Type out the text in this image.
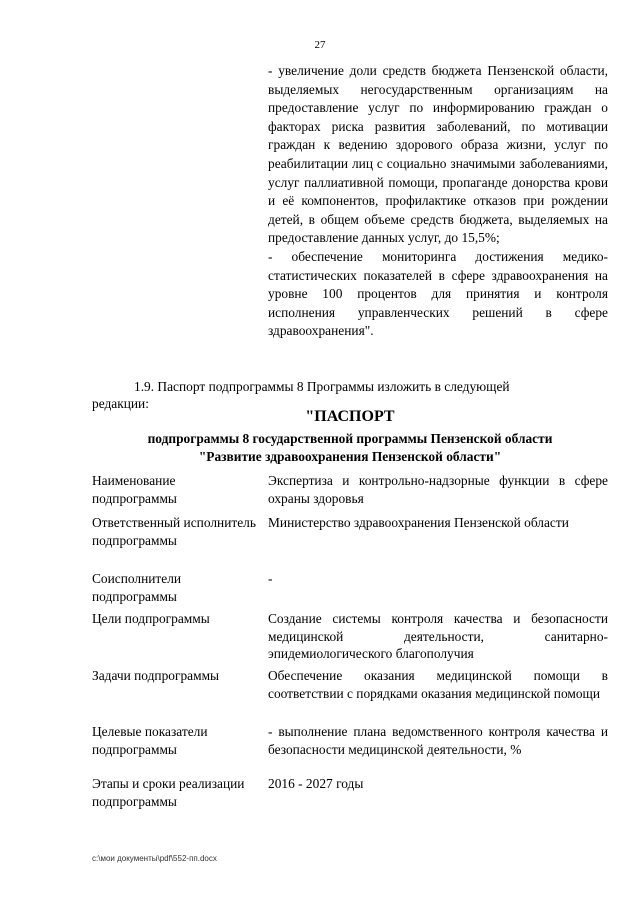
27

- увеличение доли средств бюджета Пензенской области, выделяемых негосударственным организациям на предоставление услуг по информированию граждан о факторах риска развития заболеваний, по мотивации граждан к ведению здорового образа жизни, услуг по реабилитации лиц с социально значимыми заболеваниями, услуг паллиативной помощи, пропаганде донорства крови и её компонентов, профилактике отказов при рождении детей, в общем объеме средств бюджета, выделяемых на предоставление данных услуг, до 15,5%;

- обеспечение мониторинга достижения медико-статистических показателей в сфере здравоохранения на уровне 100 процентов для принятия и контроля исполнения управленческих решений в сфере здравоохранения".

1.9. Паспорт подпрограммы 8 Программы изложить в следующей
редакции:
"ПАСПОРТ
подпрограммы 8 государственной программы Пензенской области
"Развитие здравоохранения Пензенской области"
Наименование подпрограммы
Экспертиза и контрольно-надзорные функции в сфере охраны здоровья
Ответственный исполнитель подпрограммы
Министерство здравоохранения Пензенской области
Соисполнители подпрограммы
-
Цели подпрограммы	Создание системы контроля качества и безопасности медицинской деятельности, санитарно-эпидемиологического благополучия
Задачи подпрограммы	Обеспечение оказания медицинской помощи в соответствии с порядками оказания медицинской помощи
Целевые показатели подпрограммы
- выполнение плана ведомственного контроля качества и безопасности медицинской деятельности, %
Этапы и сроки реализации подпрограммы
2016 - 2027 годы
c:\мои документы\pdf\552-пп.docx
